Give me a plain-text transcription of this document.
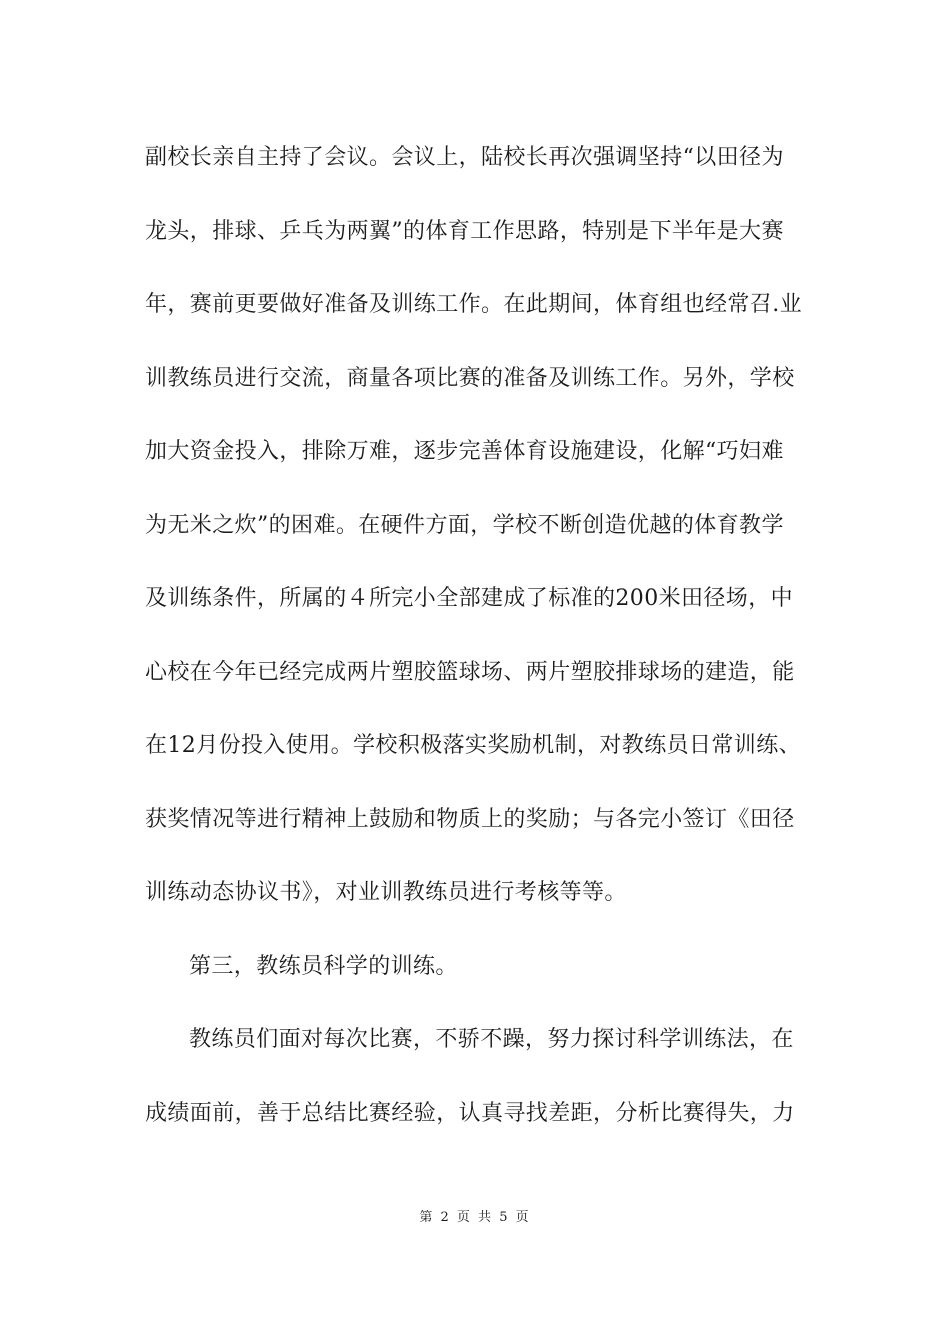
副校长亲自主持了会议。会议上，陆校长再次强调坚持“以田径为
龙头，排球、乒乓为两翼”的体育工作思路，特别是下半年是大赛
年，赛前更要做好准备及训练工作。在此期间，体育组也经常召.业
训教练员进行交流，商量各项比赛的准备及训练工作。另外，学校
加大资金投入，排除万难，逐步完善体育设施建设，化解“巧妇难
为无米之炊”的困难。在硬件方面，学校不断创造优越的体育教学
及训练条件，所属的４所完小全部建成了标准的200米田径场，中
心校在今年已经完成两片塑胶篮球场、两片塑胶排球场的建造，能
在12月份投入使用。学校积极落实奖励机制，对教练员日常训练、
获奖情况等进行精神上鼓励和物质上的奖励；与各完小签订《田径
训练动态协议书》，对业训教练员进行考核等等。
第三，教练员科学的训练。
教练员们面对每次比赛，不骄不躁，努力探讨科学训练法，在
成绩面前，善于总结比赛经验，认真寻找差距，分析比赛得失，力
第 2 页 共 5 页
